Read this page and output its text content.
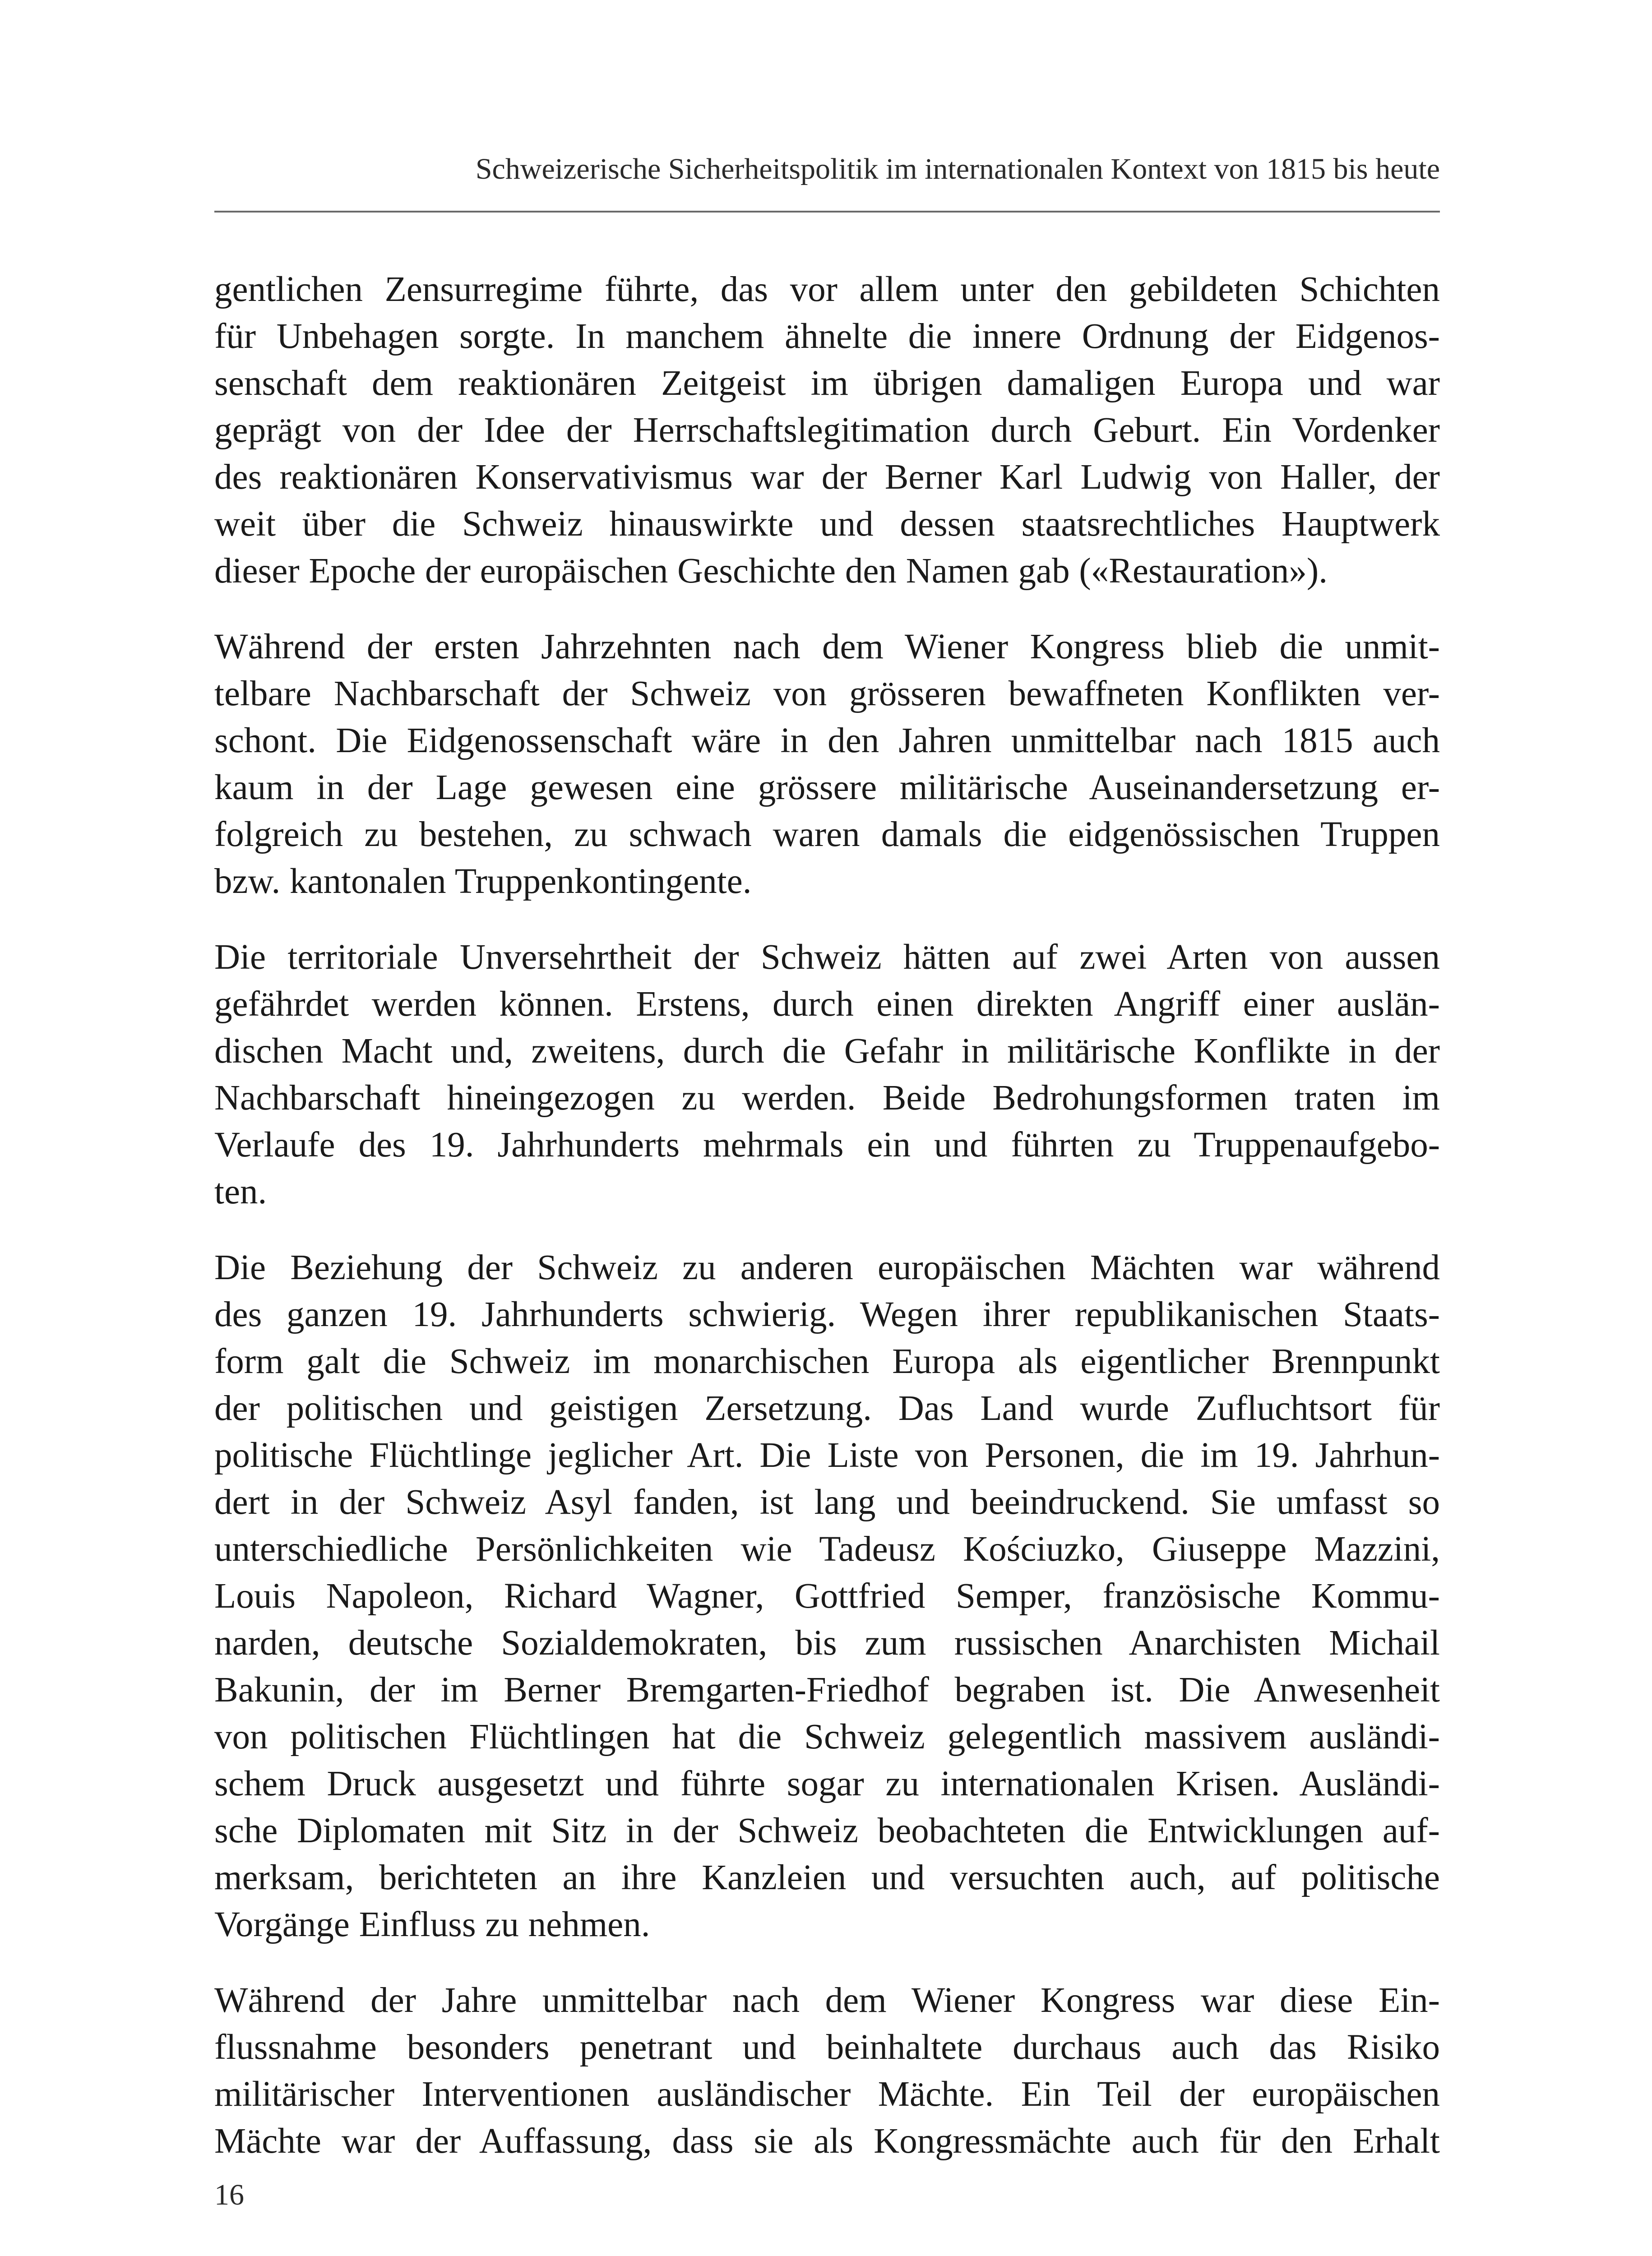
Schweizerische Sicherheitspolitik im internationalen Kontext von 1815 bis heute

gentlichen Zensurregime führte, das vor allem unter den gebildeten Schichten
für Unbehagen sorgte. In manchem ähnelte die innere Ordnung der Eidgenos-
senschaft dem reaktionären Zeitgeist im übrigen damaligen Europa und war
geprägt von der Idee der Herrschaftslegitimation durch Geburt. Ein Vordenker
des reaktionären Konservativismus war der Berner Karl Ludwig von Haller, der
weit über die Schweiz hinauswirkte und dessen staatsrechtliches Hauptwerk
dieser Epoche der europäischen Geschichte den Namen gab («Restauration»).

Während der ersten Jahrzehnten nach dem Wiener Kongress blieb die unmit-
telbare Nachbarschaft der Schweiz von grösseren bewaffneten Konflikten ver-
schont. Die Eidgenossenschaft wäre in den Jahren unmittelbar nach 1815 auch
kaum in der Lage gewesen eine grössere militärische Auseinandersetzung er-
folgreich zu bestehen, zu schwach waren damals die eidgenössischen Truppen
bzw. kantonalen Truppenkontingente.

Die territoriale Unversehrtheit der Schweiz hätten auf zwei Arten von aussen
gefährdet werden können. Erstens, durch einen direkten Angriff einer auslän-
dischen Macht und, zweitens, durch die Gefahr in militärische Konflikte in der
Nachbarschaft hineingezogen zu werden. Beide Bedrohungsformen traten im
Verlaufe des 19. Jahrhunderts mehrmals ein und führten zu Truppenaufgebo-
ten.

Die Beziehung der Schweiz zu anderen europäischen Mächten war während
des ganzen 19. Jahrhunderts schwierig. Wegen ihrer republikanischen Staats-
form galt die Schweiz im monarchischen Europa als eigentlicher Brennpunkt
der politischen und geistigen Zersetzung. Das Land wurde Zufluchtsort für
politische Flüchtlinge jeglicher Art. Die Liste von Personen, die im 19. Jahrhun-
dert in der Schweiz Asyl fanden, ist lang und beeindruckend. Sie umfasst so
unterschiedliche Persönlichkeiten wie Tadeusz Kościuzko, Giuseppe Mazzini,
Louis Napoleon, Richard Wagner, Gottfried Semper, französische Kommu-
narden, deutsche Sozialdemokraten, bis zum russischen Anarchisten Michail
Bakunin, der im Berner Bremgarten-Friedhof begraben ist. Die Anwesenheit
von politischen Flüchtlingen hat die Schweiz gelegentlich massivem ausländi-
schem Druck ausgesetzt und führte sogar zu internationalen Krisen. Ausländi-
sche Diplomaten mit Sitz in der Schweiz beobachteten die Entwicklungen auf-
merksam, berichteten an ihre Kanzleien und versuchten auch, auf politische
Vorgänge Einfluss zu nehmen.

Während der Jahre unmittelbar nach dem Wiener Kongress war diese Ein-
flussnahme besonders penetrant und beinhaltete durchaus auch das Risiko
militärischer Interventionen ausländischer Mächte. Ein Teil der europäischen
Mächte war der Auffassung, dass sie als Kongressmächte auch für den Erhalt

16
